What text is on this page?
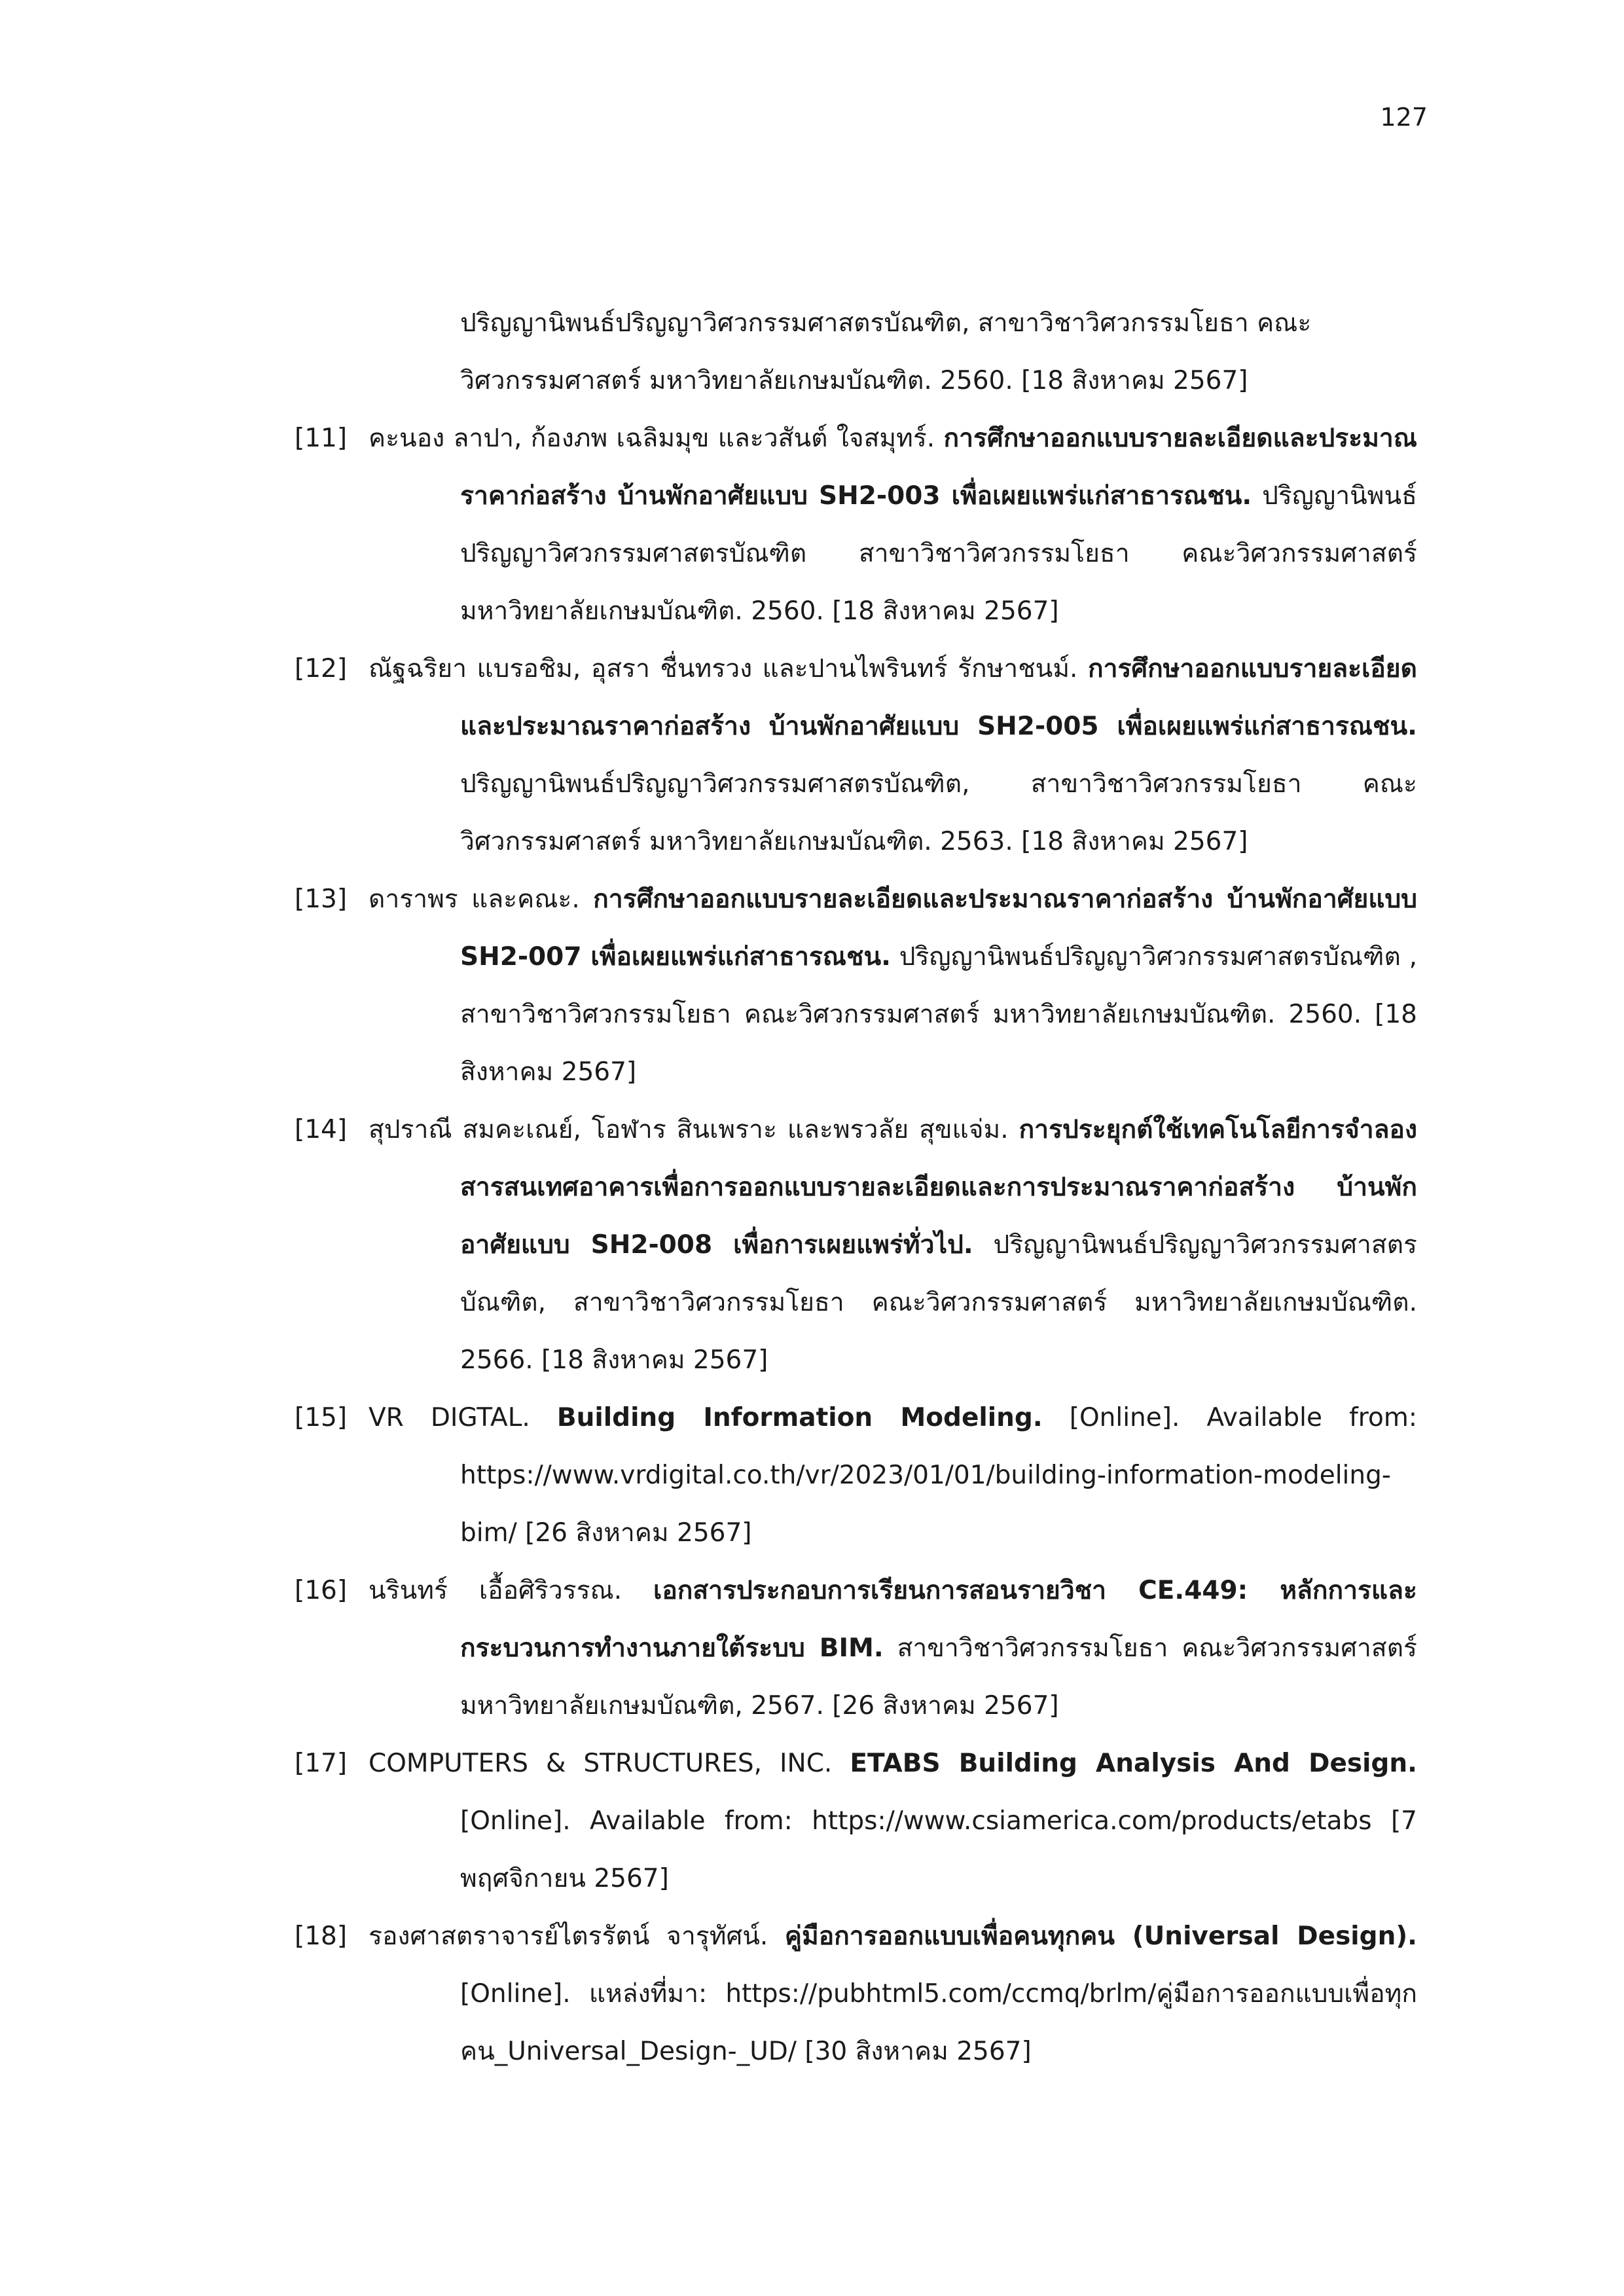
127
ปริญญานิพนธ์ปริญญาวิศวกรรมศาสตรบัณฑิต, สาขาวิชาวิศวกรรมโยธา คณะ
วิศวกรรมศาสตร์ มหาวิทยาลัยเกษมบัณฑิต. 2560. [18 สิงหาคม 2567]
[11] คะนอง ลาปา, ก้องภพ เฉลิมมุข และวสันต์ ใจสมุทร์. การศึกษาออกแบบรายละเอียดและประมาณราคาก่อสร้าง บ้านพักอาศัยแบบ SH2-003 เพื่อเผยแพร่แก่สาธารณชน. ปริญญานิพนธ์ปริญญาวิศวกรรมศาสตรบัณฑิต สาขาวิชาวิศวกรรมโยธา คณะวิศวกรรมศาสตร์ มหาวิทยาลัยเกษมบัณฑิต. 2560. [18 สิงหาคม 2567]
[12] ณัฐฉริยา แบรอชิม, อุสรา ชื่นทรวง และปานไพรินทร์ รักษาชนม์. การศึกษาออกแบบรายละเอียดและประมาณราคาก่อสร้าง บ้านพักอาศัยแบบ SH2-005 เพื่อเผยแพร่แก่สาธารณชน. ปริญญานิพนธ์ปริญญาวิศวกรรมศาสตรบัณฑิต, สาขาวิชาวิศวกรรมโยธา คณะวิศวกรรมศาสตร์ มหาวิทยาลัยเกษมบัณฑิต. 2563. [18 สิงหาคม 2567]
[13] ดาราพร และคณะ. การศึกษาออกแบบรายละเอียดและประมาณราคาก่อสร้าง บ้านพักอาศัยแบบ SH2-007 เพื่อเผยแพร่แก่สาธารณชน. ปริญญานิพนธ์ปริญญาวิศวกรรมศาสตรบัณฑิต , สาขาวิชาวิศวกรรมโยธา คณะวิศวกรรมศาสตร์ มหาวิทยาลัยเกษมบัณฑิต. 2560. [18 สิงหาคม 2567]
[14] สุปราณี สมคะเณย์, โอฬาร สินเพราะ และพรวลัย สุขแจ่ม. การประยุกต์ใช้เทคโนโลยีการจำลองสารสนเทศอาคารเพื่อการออกแบบรายละเอียดและการประมาณราคาก่อสร้าง บ้านพักอาศัยแบบ SH2-008 เพื่อการเผยแพร่ทั่วไป. ปริญญานิพนธ์ปริญญาวิศวกรรมศาสตรบัณฑิต, สาขาวิชาวิศวกรรมโยธา คณะวิศวกรรมศาสตร์ มหาวิทยาลัยเกษมบัณฑิต. 2566. [18 สิงหาคม 2567]
[15] VR DIGTAL. Building Information Modeling. [Online]. Available from: https://www.vrdigital.co.th/vr/2023/01/01/building-information-modeling-bim/ [26 สิงหาคม 2567]
[16] นรินทร์ เอื้อศิริวรรณ. เอกสารประกอบการเรียนการสอนรายวิชา CE.449: หลักการและกระบวนการทำงานภายใต้ระบบ BIM. สาขาวิชาวิศวกรรมโยธา คณะวิศวกรรมศาสตร์ มหาวิทยาลัยเกษมบัณฑิต, 2567. [26 สิงหาคม 2567]
[17] COMPUTERS & STRUCTURES, INC. ETABS Building Analysis And Design. [Online]. Available from: https://www.csiamerica.com/products/etabs [7 พฤศจิกายน 2567]
[18] รองศาสตราจารย์ไตรรัตน์ จารุทัศน์. คู่มือการออกแบบเพื่อคนทุกคน (Universal Design). [Online]. แหล่งที่มา: https://pubhtml5.com/ccmq/brlm/คู่มือการออกแบบเพื่อทุกคน_Universal_Design-_UD/ [30 สิงหาคม 2567]
